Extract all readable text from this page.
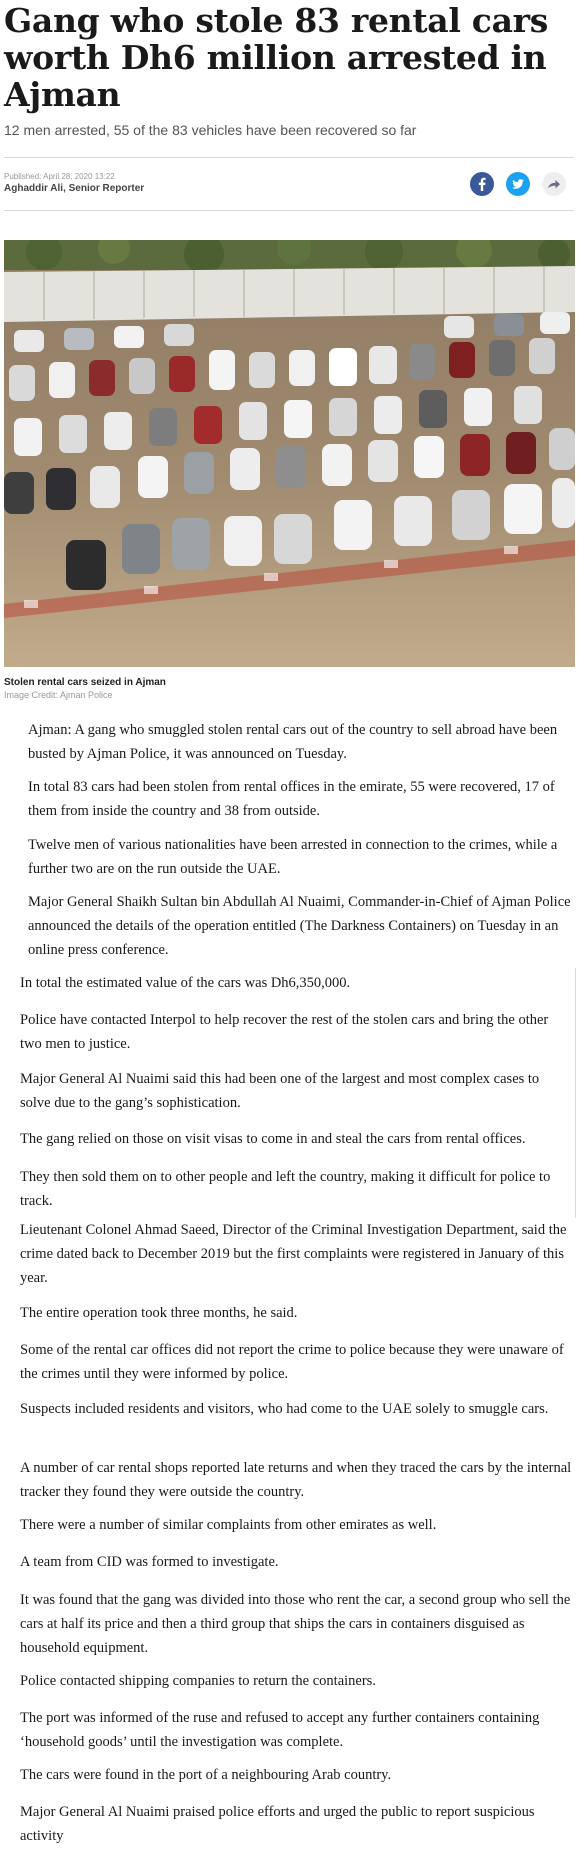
Gang who stole 83 rental cars worth Dh6 million arrested in Ajman
12 men arrested, 55 of the 83 vehicles have been recovered so far
Published: April 28, 2020 13:22
Aghaddir Ali, Senior Reporter
Stolen rental cars seized in Ajman
Image Credit: Ajman Police

Ajman: A gang who smuggled stolen rental cars out of the country to sell abroad have been busted by Ajman Police, it was announced on Tuesday.

In total 83 cars had been stolen from rental offices in the emirate, 55 were recovered, 17 of them from inside the country and 38 from outside.

Twelve men of various nationalities have been arrested in connection to the crimes, while a further two are on the run outside the UAE.

Major General Shaikh Sultan bin Abdullah Al Nuaimi, Commander-in-Chief of Ajman Police announced the details of the operation entitled (The Darkness Containers) on Tuesday in an online press conference.

In total the estimated value of the cars was Dh6,350,000.

Police have contacted Interpol to help recover the rest of the stolen cars and bring the other two men to justice.

Major General Al Nuaimi said this had been one of the largest and most complex cases to solve due to the gang’s sophistication.

The gang relied on those on visit visas to come in and steal the cars from rental offices.

They then sold them on to other people and left the country, making it difficult for police to track.

Lieutenant Colonel Ahmad Saeed, Director of the Criminal Investigation Department, said the crime dated back to December 2019 but the first complaints were registered in January of this year.

The entire operation took three months, he said.

Some of the rental car offices did not report the crime to police because they were unaware of the crimes until they were informed by police.

Suspects included residents and visitors, who had come to the UAE solely to smuggle cars.

A number of car rental shops reported late returns and when they traced the cars by the internal tracker they found they were outside the country.

There were a number of similar complaints from other emirates as well.

A team from CID was formed to investigate.

It was found that the gang was divided into those who rent the car, a second group who sell the cars at half its price and then a third group that ships the cars in containers disguised as household equipment.

Police contacted shipping companies to return the containers.

The port was informed of the ruse and refused to accept any further containers containing ‘household goods’ until the investigation was complete.

The cars were found in the port of a neighbouring Arab country.

Major General Al Nuaimi praised police efforts and urged the public to report suspicious activity
